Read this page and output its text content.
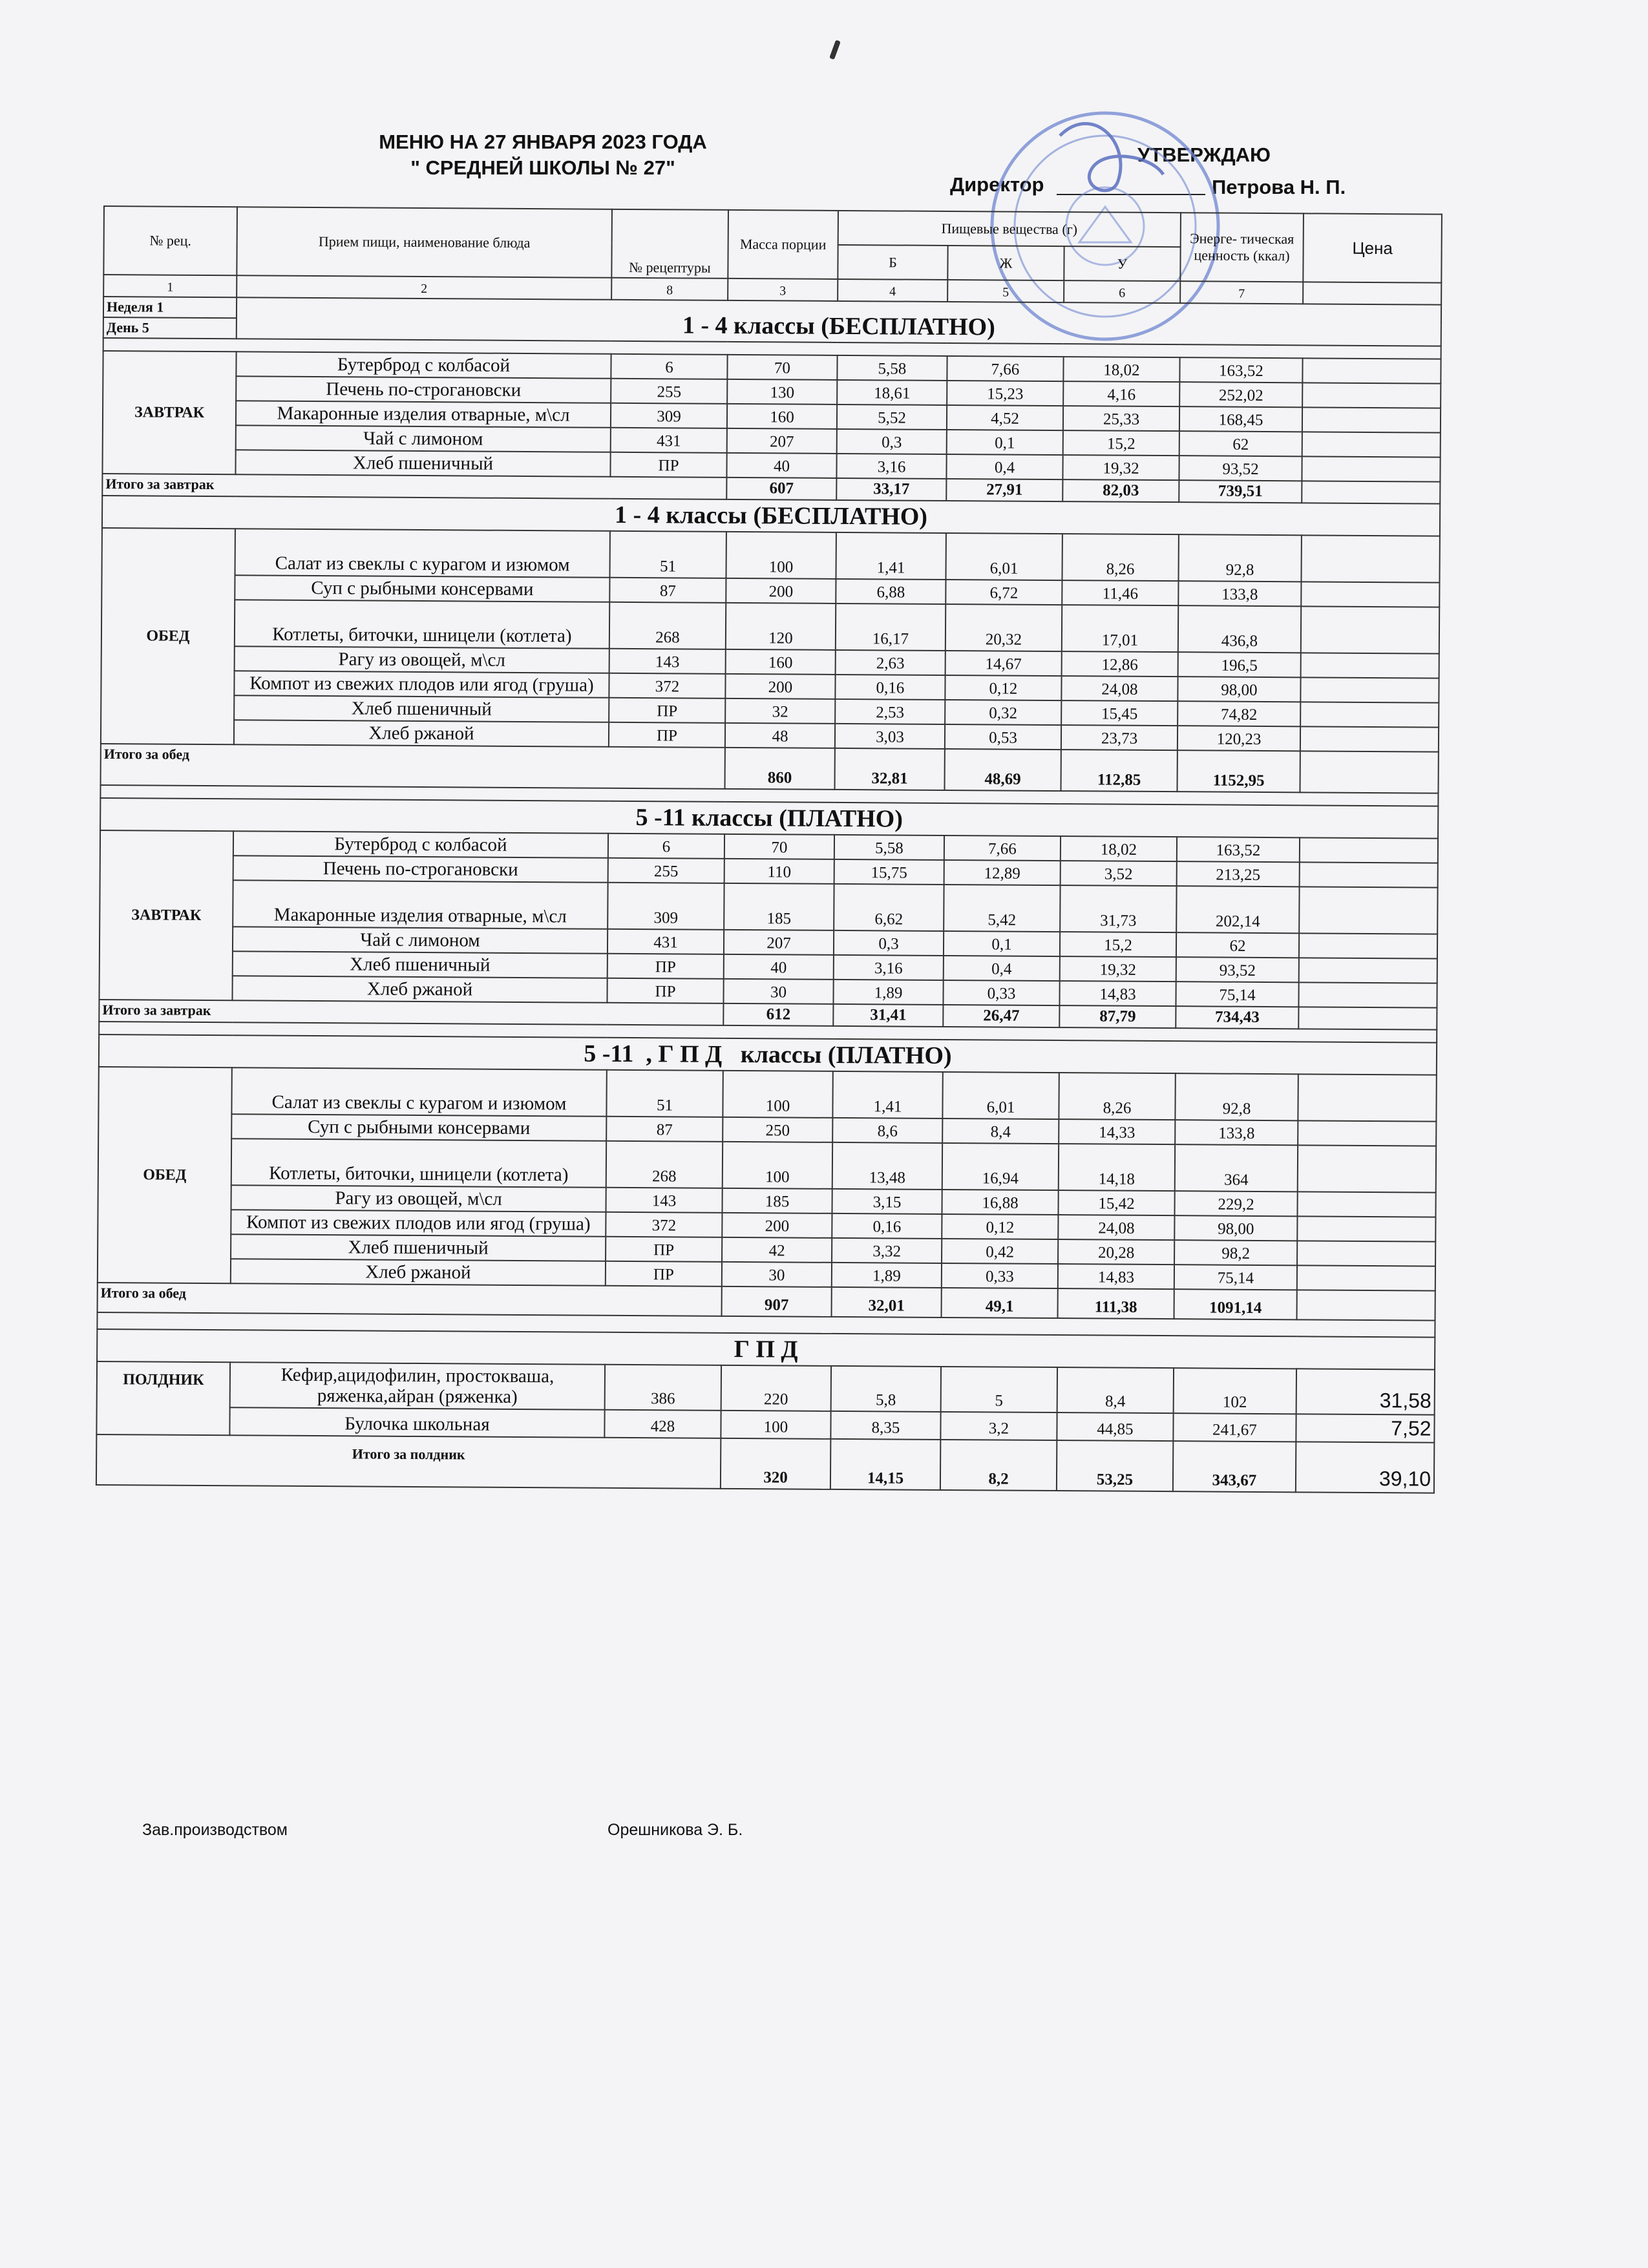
МЕНЮ НА 27 ЯНВАРЯ 2023 ГОДА
" СРЕДНЕЙ ШКОЛЫ № 27"
УТВЕРЖДАЮ
Директор	Петрова Н. П.
№ рец.	Прием пищи, наименование блюда	№ рецептуры	Масса порции	Пищевые вещества (г)			Энерге- тическая ценность (ккал)	Цена
				Б	Ж	У		
1	2	8	3	4	5	6	7	
Неделя 1	1 - 4 классы (БЕСПЛАТНО)							
День 5								

ЗАВТРАК	Бутерброд с колбасой	6	70	5,58	7,66	18,02	163,52	
	Печень по-строгановски	255	130	18,61	15,23	4,16	252,02	
	Макаронные изделия отварные, м\сл	309	160	5,52	4,52	25,33	168,45	
	Чай с лимоном	431	207	0,3	0,1	15,2	62	
	Хлеб пшеничный	ПР	40	3,16	0,4	19,32	93,52	
Итого за завтрак			607	33,17	27,91	82,03	739,51	
1 - 4 классы (БЕСПЛАТНО)								
ОБЕД	Салат из свеклы с курагом и изюмом	51	100	1,41	6,01	8,26	92,8	
	Суп с рыбными консервами	87	200	6,88	6,72	11,46	133,8	
	Котлеты, биточки, шницели (котлета)	268	120	16,17	20,32	17,01	436,8	
	Рагу из овощей, м\сл	143	160	2,63	14,67	12,86	196,5	
	Компот из свежих плодов или ягод (груша)	372	200	0,16	0,12	24,08	98,00	
	Хлеб пшеничный	ПР	32	2,53	0,32	15,45	74,82	
	Хлеб ржаной	ПР	48	3,03	0,53	23,73	120,23	
Итого за обед			860	32,81	48,69	112,85	1152,95	

5 -11 классы (ПЛАТНО)								
ЗАВТРАК	Бутерброд с колбасой	6	70	5,58	7,66	18,02	163,52	
	Печень по-строгановски	255	110	15,75	12,89	3,52	213,25	
	Макаронные изделия отварные, м\сл	309	185	6,62	5,42	31,73	202,14	
	Чай с лимоном	431	207	0,3	0,1	15,2	62	
	Хлеб пшеничный	ПР	40	3,16	0,4	19,32	93,52	
	Хлеб ржаной	ПР	30	1,89	0,33	14,83	75,14	
Итого за завтрак			612	31,41	26,47	87,79	734,43	

5 -11  , Г П Д   классы (ПЛАТНО)								
ОБЕД	Салат из свеклы с курагом и изюмом	51	100	1,41	6,01	8,26	92,8	
	Суп с рыбными консервами	87	250	8,6	8,4	14,33	133,8	
	Котлеты, биточки, шницели (котлета)	268	100	13,48	16,94	14,18	364	
	Рагу из овощей, м\сл	143	185	3,15	16,88	15,42	229,2	
	Компот из свежих плодов или ягод (груша)	372	200	0,16	0,12	24,08	98,00	
	Хлеб пшеничный	ПР	42	3,32	0,42	20,28	98,2	
	Хлеб ржаной	ПР	30	1,89	0,33	14,83	75,14	
Итого за обед			907	32,01	49,1	111,38	1091,14	

Г П Д								
ПОЛДНИК	Кефир,ацидофилин, простокваша, ряженка,айран (ряженка)	386	220	5,8	5	8,4	102	31,58
	Булочка школьная	428	100	8,35	3,2	44,85	241,67	7,52
Итого за полдник			320	14,15	8,2	53,25	343,67	39,10
Зав.производством	Орешникова Э. Б.
